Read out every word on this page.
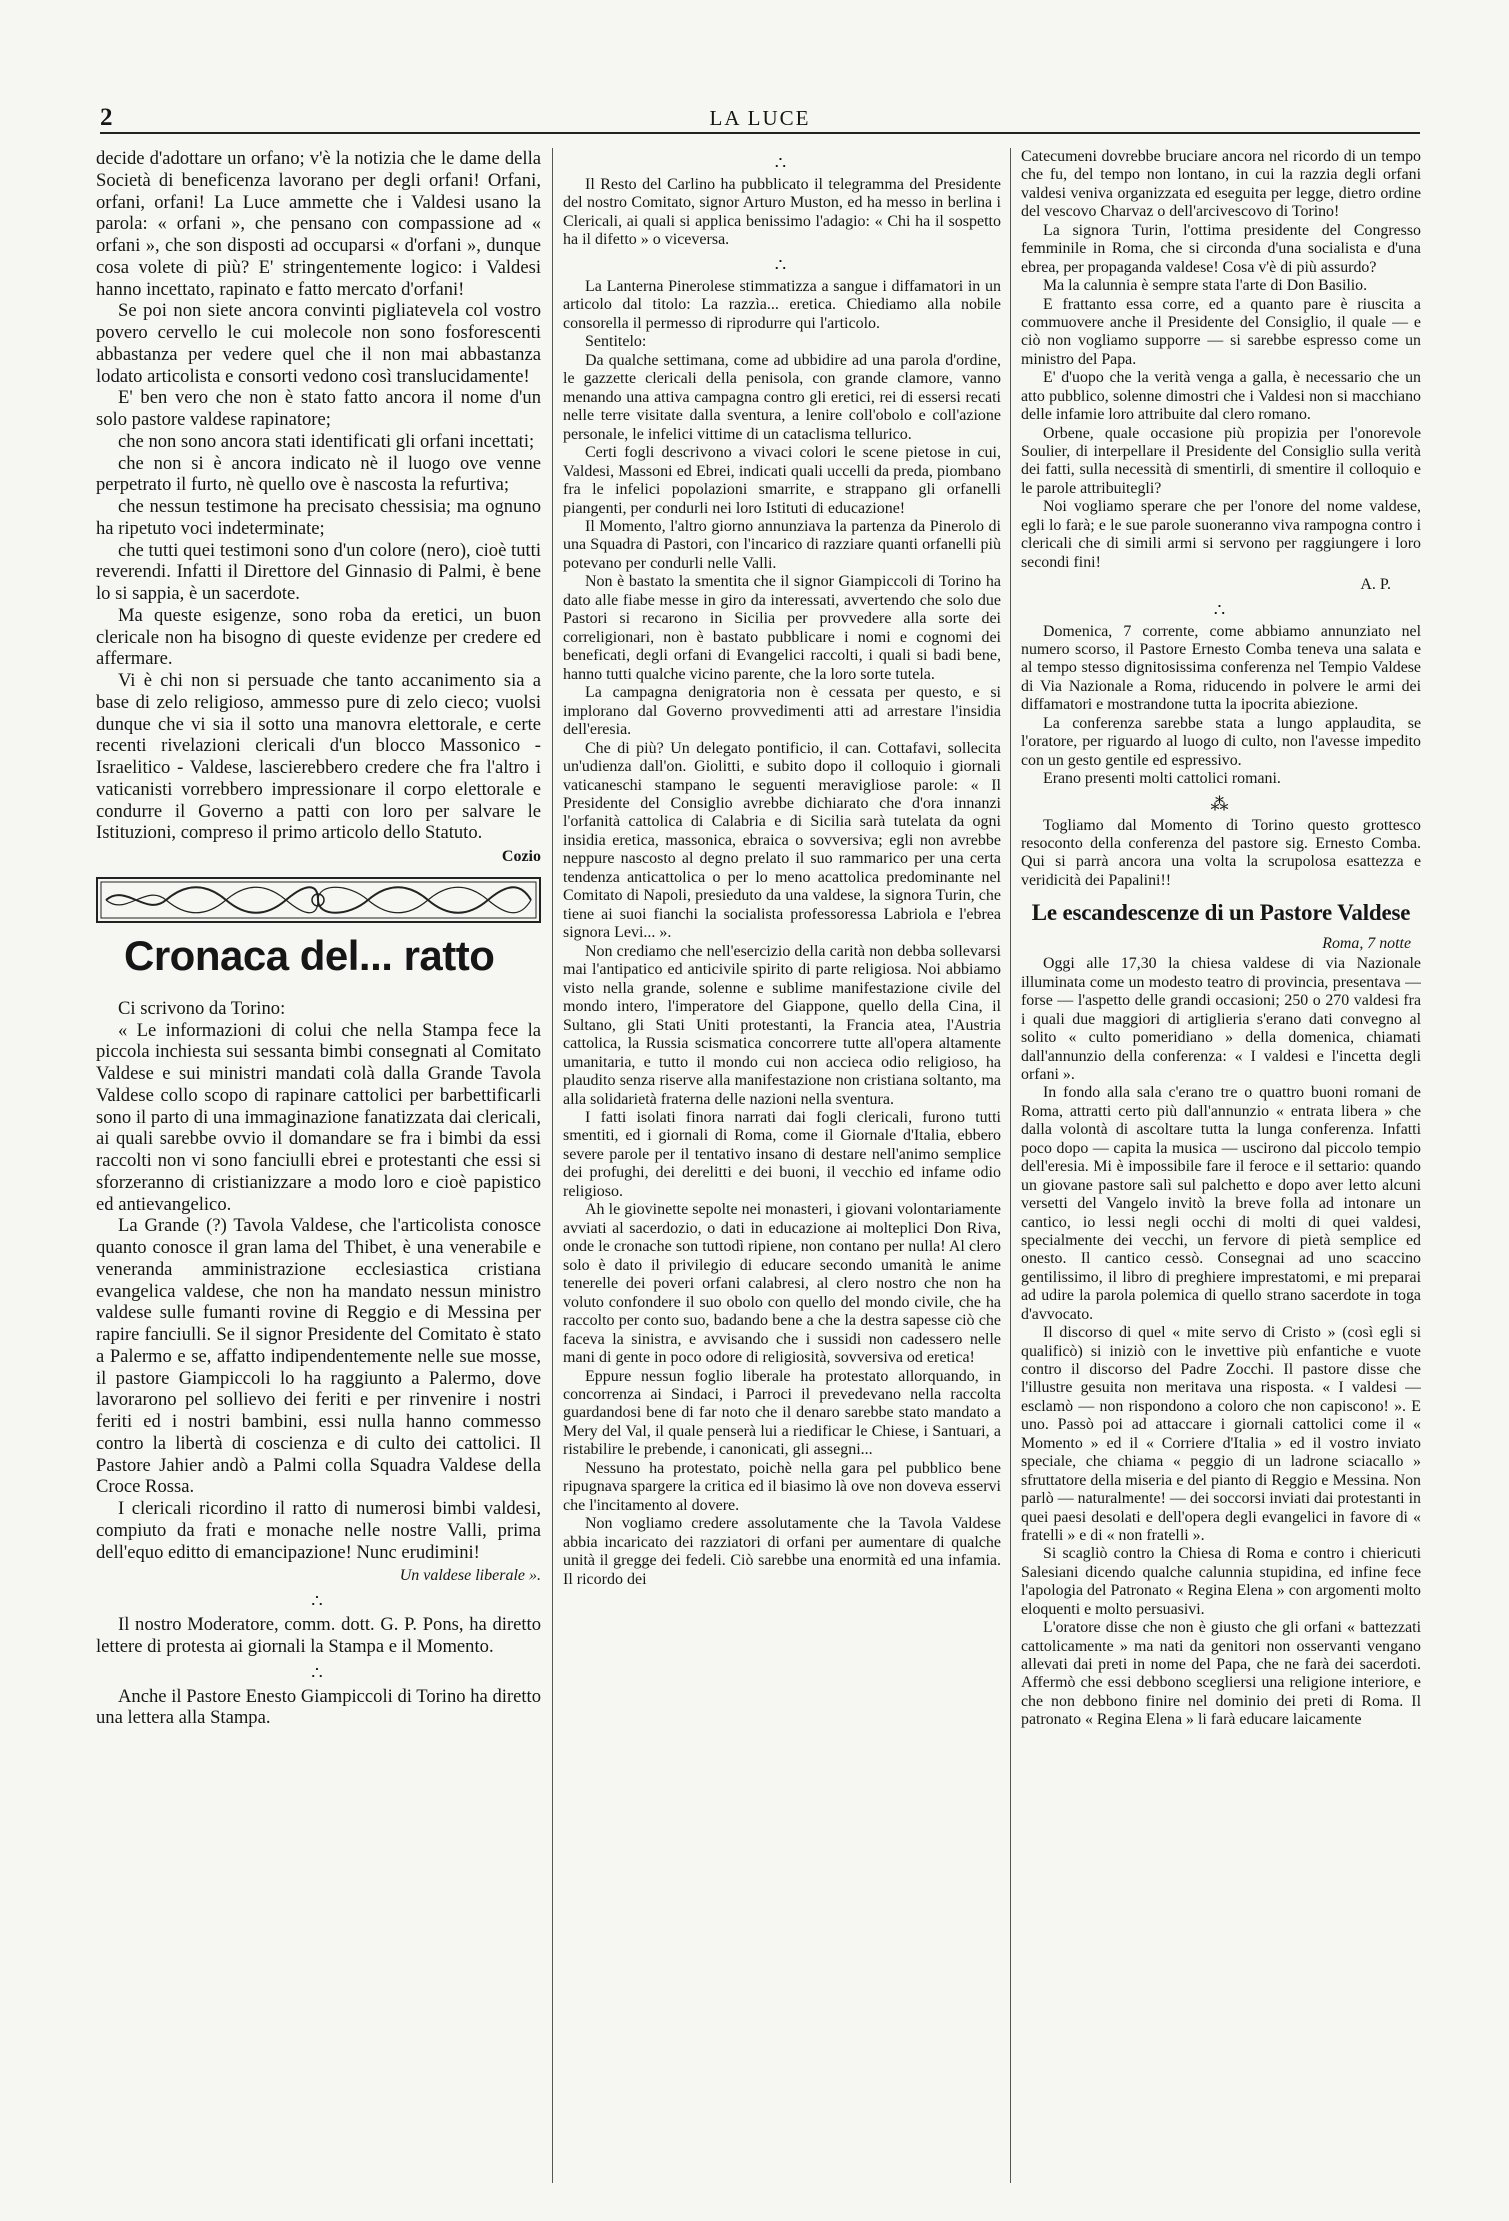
2	LA LUCE

decide d'adottare un orfano; v'è la notizia che le dame della Società di beneficenza lavorano per degli orfani! Orfani, orfani, orfani! La Luce ammette che i Valdesi usano la parola: « orfani », che pensano con compassione ad « orfani », che son disposti ad occuparsi « d'orfani », dunque cosa volete di più? E' stringentemente logico: i Valdesi hanno incettato, rapinato e fatto mercato d'orfani!

Se poi non siete ancora convinti pigliatevela col vostro povero cervello le cui molecole non sono fosforescenti abbastanza per vedere quel che il non mai abbastanza lodato articolista e consorti vedono così translucidamente!

E' ben vero che non è stato fatto ancora il nome d'un solo pastore valdese rapinatore;

che non sono ancora stati identificati gli orfani incettati;

che non si è ancora indicato nè il luogo ove venne perpetrato il furto, nè quello ove è nascosta la refurtiva;

che nessun testimone ha precisato chessisia; ma ognuno ha ripetuto voci indeterminate;

che tutti quei testimoni sono d'un colore (nero), cioè tutti reverendi. Infatti il Direttore del Ginnasio di Palmi, è bene lo si sappia, è un sacerdote.

Ma queste esigenze, sono roba da eretici, un buon clericale non ha bisogno di queste evidenze per credere ed affermare.

Vi è chi non si persuade che tanto accanimento sia a base di zelo religioso, ammesso pure di zelo cieco; vuolsi dunque che vi sia il sotto una manovra elettorale, e certe recenti rivelazioni clericali d'un blocco Massonico - Israelitico - Valdese, lascierebbero credere che fra l'altro i vaticanisti vorrebbero impressionare il corpo elettorale e condurre il Governo a patti con loro per salvare le Istituzioni, compreso il primo articolo dello Statuto.

Cozio
Cronaca del... ratto

Ci scrivono da Torino:

« Le informazioni di colui che nella Stampa fece la piccola inchiesta sui sessanta bimbi consegnati al Comitato Valdese e sui ministri mandati colà dalla Grande Tavola Valdese collo scopo di rapinare cattolici per barbettificarli sono il parto di una immaginazione fanatizzata dai clericali, ai quali sarebbe ovvio il domandare se fra i bimbi da essi raccolti non vi sono fanciulli ebrei e protestanti che essi si sforzeranno di cristianizzare a modo loro e cioè papistico ed antievangelico.

La Grande (?) Tavola Valdese, che l'articolista conosce quanto conosce il gran lama del Thibet, è una venerabile e veneranda amministrazione ecclesiastica cristiana evangelica valdese, che non ha mandato nessun ministro valdese sulle fumanti rovine di Reggio e di Messina per rapire fanciulli. Se il signor Presidente del Comitato è stato a Palermo e se, affatto indipendentemente nelle sue mosse, il pastore Giampiccoli lo ha raggiunto a Palermo, dove lavorarono pel sollievo dei feriti e per rinvenire i nostri feriti ed i nostri bambini, essi nulla hanno commesso contro la libertà di coscienza e di culto dei cattolici. Il Pastore Jahier andò a Palmi colla Squadra Valdese della Croce Rossa.

I clericali ricordino il ratto di numerosi bimbi valdesi, compiuto da frati e monache nelle nostre Valli, prima dell'equo editto di emancipazione! Nunc erudimini!

Un valdese liberale ».
∴

Il nostro Moderatore, comm. dott. G. P. Pons, ha diretto lettere di protesta ai giornali la Stampa e il Momento.

∴

Anche il Pastore Enesto Giampiccoli di Torino ha diretto una lettera alla Stampa.

∴

Il Resto del Carlino ha pubblicato il telegramma del Presidente del nostro Comitato, signor Arturo Muston, ed ha messo in berlina i Clericali, ai quali si applica benissimo l'adagio: « Chi ha il sospetto ha il difetto » o viceversa.

∴

La Lanterna Pinerolese stimmatizza a sangue i diffamatori in un articolo dal titolo: La razzìa... eretica. Chiediamo alla nobile consorella il permesso di riprodurre qui l'articolo.

Sentitelo:

Da qualche settimana, come ad ubbidire ad una parola d'ordine, le gazzette clericali della penisola, con grande clamore, vanno menando una attiva campagna contro gli eretici, rei di essersi recati nelle terre visitate dalla sventura, a lenire coll'obolo e coll'azione personale, le infelici vittime di un cataclisma tellurico.

Certi fogli descrivono a vivaci colori le scene pietose in cui, Valdesi, Massoni ed Ebrei, indicati quali uccelli da preda, piombano fra le infelici popolazioni smarrite, e strappano gli orfanelli piangenti, per condurli nei loro Istituti di educazione!

Il Momento, l'altro giorno annunziava la partenza da Pinerolo di una Squadra di Pastori, con l'incarico di razziare quanti orfanelli più potevano per condurli nelle Valli.

Non è bastato la smentita che il signor Giampiccoli di Torino ha dato alle fiabe messe in giro da interessati, avvertendo che solo due Pastori si recarono in Sicilia per provvedere alla sorte dei correligionari, non è bastato pubblicare i nomi e cognomi dei beneficati, degli orfani di Evangelici raccolti, i quali si badi bene, hanno tutti qualche vicino parente, che la loro sorte tutela.

La campagna denigratoria non è cessata per questo, e si implorano dal Governo provvedimenti atti ad arrestare l'insidia dell'eresia.

Che di più? Un delegato pontificio, il can. Cottafavi, sollecita un'udienza dall'on. Giolitti, e subito dopo il colloquio i giornali vaticaneschi stampano le seguenti meravigliose parole: « Il Presidente del Consiglio avrebbe dichiarato che d'ora innanzi l'orfanità cattolica di Calabria e di Sicilia sarà tutelata da ogni insidia eretica, massonica, ebraica o sovversiva; egli non avrebbe neppure nascosto al degno prelato il suo rammarico per una certa tendenza anticattolica o per lo meno acattolica predominante nel Comitato di Napoli, presieduto da una valdese, la signora Turin, che tiene ai suoi fianchi la socialista professoressa Labriola e l'ebrea signora Levi... ».

Non crediamo che nell'esercizio della carità non debba sollevarsi mai l'antipatico ed anticivile spirito di parte religiosa. Noi abbiamo visto nella grande, solenne e sublime manifestazione civile del mondo intero, l'imperatore del Giappone, quello della Cina, il Sultano, gli Stati Uniti protestanti, la Francia atea, l'Austria cattolica, la Russia scismatica concorrere tutte all'opera altamente umanitaria, e tutto il mondo cui non accieca odio religioso, ha plaudito senza riserve alla manifestazione non cristiana soltanto, ma alla solidarietà fraterna delle nazioni nella sventura.

I fatti isolati finora narrati dai fogli clericali, furono tutti smentiti, ed i giornali di Roma, come il Giornale d'Italia, ebbero severe parole per il tentativo insano di destare nell'animo semplice dei profughi, dei derelitti e dei buoni, il vecchio ed infame odio religioso.

Ah le giovinette sepolte nei monasteri, i giovani volontariamente avviati al sacerdozio, o dati in educazione ai molteplici Don Riva, onde le cronache son tuttodì ripiene, non contano per nulla! Al clero solo è dato il privilegio di educare secondo umanità le anime tenerelle dei poveri orfani calabresi, al clero nostro che non ha voluto confondere il suo obolo con quello del mondo civile, che ha raccolto per conto suo, badando bene a che la destra sapesse ciò che faceva la sinistra, e avvisando che i sussidi non cadessero nelle mani di gente in poco odore di religiosità, sovversiva od eretica!

Eppure nessun foglio liberale ha protestato allorquando, in concorrenza ai Sindaci, i Parroci il prevedevano nella raccolta guardandosi bene di far noto che il denaro sarebbe stato mandato a Mery del Val, il quale penserà lui a riedificar le Chiese, i Santuari, a ristabilire le prebende, i canonicati, gli assegni...

Nessuno ha protestato, poichè nella gara pel pubblico bene ripugnava spargere la critica ed il biasimo là ove non doveva esservi che l'incitamento al dovere.

Non vogliamo credere assolutamente che la Tavola Valdese abbia incaricato dei razziatori di orfani per aumentare di qualche unità il gregge dei fedeli. Ciò sarebbe una enormità ed una infamia. Il ricordo dei

Catecumeni dovrebbe bruciare ancora nel ricordo di un tempo che fu, del tempo non lontano, in cui la razzia degli orfani valdesi veniva organizzata ed eseguita per legge, dietro ordine del vescovo Charvaz o dell'arcivescovo di Torino!

La signora Turin, l'ottima presidente del Congresso femminile in Roma, che si circonda d'una socialista e d'una ebrea, per propaganda valdese! Cosa v'è di più assurdo?

Ma la calunnia è sempre stata l'arte di Don Basilio.

E frattanto essa corre, ed a quanto pare è riuscita a commuovere anche il Presidente del Consiglio, il quale — e ciò non vogliamo supporre — si sarebbe espresso come un ministro del Papa.

E' d'uopo che la verità venga a galla, è necessario che un atto pubblico, solenne dimostri che i Valdesi non si macchiano delle infamie loro attribuite dal clero romano.

Orbene, quale occasione più propizia per l'onorevole Soulier, di interpellare il Presidente del Consiglio sulla verità dei fatti, sulla necessità di smentirli, di smentire il colloquio e le parole attribuitegli?

Noi vogliamo sperare che per l'onore del nome valdese, egli lo farà; e le sue parole suoneranno viva rampogna contro i clericali che di simili armi si servono per raggiungere i loro secondi fini!

A. P.
∴

Domenica, 7 corrente, come abbiamo annunziato nel numero scorso, il Pastore Ernesto Comba teneva una salata e al tempo stesso dignitosissima conferenza nel Tempio Valdese di Via Nazionale a Roma, riducendo in polvere le armi dei diffamatori e mostrandone tutta la ipocrita abiezione.

La conferenza sarebbe stata a lungo applaudita, se l'oratore, per riguardo al luogo di culto, non l'avesse impedito con un gesto gentile ed espressivo.

Erano presenti molti cattolici romani.

⁂

Togliamo dal Momento di Torino questo grottesco resoconto della conferenza del pastore sig. Ernesto Comba. Qui si parrà ancora una volta la scrupolosa esattezza e veridicità dei Papalini!!

Le escandescenze di un Pastore Valdese
Roma, 7 notte

Oggi alle 17,30 la chiesa valdese di via Nazionale illuminata come un modesto teatro di provincia, presentava — forse — l'aspetto delle grandi occasioni; 250 o 270 valdesi fra i quali due maggiori di artiglieria s'erano dati convegno al solito « culto pomeridiano » della domenica, chiamati dall'annunzio della conferenza: « I valdesi e l'incetta degli orfani ».

In fondo alla sala c'erano tre o quattro buoni romani de Roma, attratti certo più dall'annunzio « entrata libera » che dalla volontà di ascoltare tutta la lunga conferenza. Infatti poco dopo — capita la musica — uscirono dal piccolo tempio dell'eresia. Mi è impossibile fare il feroce e il settario: quando un giovane pastore salì sul palchetto e dopo aver letto alcuni versetti del Vangelo invitò la breve folla ad intonare un cantico, io lessi negli occhi di molti di quei valdesi, specialmente dei vecchi, un fervore di pietà semplice ed onesto. Il cantico cessò. Consegnai ad uno scaccino gentilissimo, il libro di preghiere imprestatomi, e mi preparai ad udire la parola polemica di quello strano sacerdote in toga d'avvocato.

Il discorso di quel « mite servo di Cristo » (così egli si qualificò) si iniziò con le invettive più enfantiche e vuote contro il discorso del Padre Zocchi. Il pastore disse che l'illustre gesuita non meritava una risposta. « I valdesi — esclamò — non rispondono a coloro che non capiscono! ». E uno. Passò poi ad attaccare i giornali cattolici come il « Momento » ed il « Corriere d'Italia » ed il vostro inviato speciale, che chiama « peggio di un ladrone sciacallo » sfruttatore della miseria e del pianto di Reggio e Messina. Non parlò — naturalmente! — dei soccorsi inviati dai protestanti in quei paesi desolati e dell'opera degli evangelici in favore di « fratelli » e di « non fratelli ».

Si scagliò contro la Chiesa di Roma e contro i chiericuti Salesiani dicendo qualche calunnia stupidina, ed infine fece l'apologia del Patronato « Regina Elena » con argomenti molto eloquenti e molto persuasivi.

L'oratore disse che non è giusto che gli orfani « battezzati cattolicamente » ma nati da genitori non osservanti vengano allevati dai preti in nome del Papa, che ne farà dei sacerdoti. Affermò che essi debbono scegliersi una religione interiore, e che non debbono finire nel dominio dei preti di Roma. Il patronato « Regina Elena » li farà educare laicamente
